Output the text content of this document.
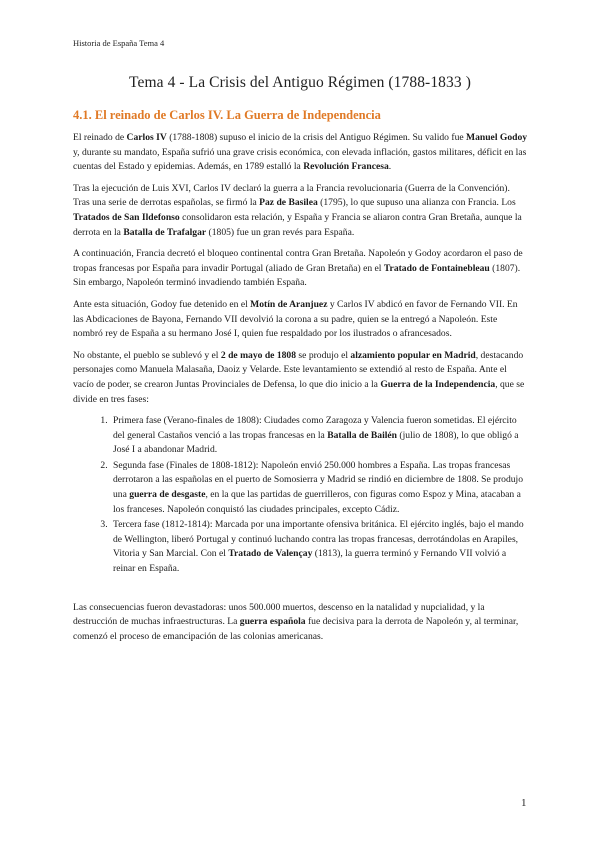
Historia de España Tema 4
Tema 4 - La Crisis del Antiguo Régimen (1788-1833 )
4.1. El reinado de Carlos IV. La Guerra de Independencia

El reinado de Carlos IV (1788-1808) supuso el inicio de la crisis del Antiguo Régimen. Su valido fue Manuel Godoy y, durante su mandato, España sufrió una grave crisis económica, con elevada inflación, gastos militares, déficit en las cuentas del Estado y epidemias. Además, en 1789 estalló la Revolución Francesa.

Tras la ejecución de Luis XVI, Carlos IV declaró la guerra a la Francia revolucionaria (Guerra de la Convención). Tras una serie de derrotas españolas, se firmó la Paz de Basilea (1795), lo que supuso una alianza con Francia. Los Tratados de San Ildefonso consolidaron esta relación, y España y Francia se aliaron contra Gran Bretaña, aunque la derrota en la Batalla de Trafalgar (1805) fue un gran revés para España.

A continuación, Francia decretó el bloqueo continental contra Gran Bretaña. Napoleón y Godoy acordaron el paso de tropas francesas por España para invadir Portugal (aliado de Gran Bretaña) en el Tratado de Fontainebleau (1807). Sin embargo, Napoleón terminó invadiendo también España.

Ante esta situación, Godoy fue detenido en el Motín de Aranjuez y Carlos IV abdicó en favor de Fernando VII. En las Abdicaciones de Bayona, Fernando VII devolvió la corona a su padre, quien se la entregó a Napoleón. Este nombró rey de España a su hermano José I, quien fue respaldado por los ilustrados o afrancesados.

No obstante, el pueblo se sublevó y el 2 de mayo de 1808 se produjo el alzamiento popular en Madrid, destacando personajes como Manuela Malasaña, Daoiz y Velarde. Este levantamiento se extendió al resto de España. Ante el vacío de poder, se crearon Juntas Provinciales de Defensa, lo que dio inicio a la Guerra de la Independencia, que se divide en tres fases:

1. Primera fase (Verano-finales de 1808): Ciudades como Zaragoza y Valencia fueron sometidas. El ejército del general Castaños venció a las tropas francesas en la Batalla de Bailén (julio de 1808), lo que obligó a José I a abandonar Madrid.
2. Segunda fase (Finales de 1808-1812): Napoleón envió 250.000 hombres a España. Las tropas francesas derrotaron a las españolas en el puerto de Somosierra y Madrid se rindió en diciembre de 1808. Se produjo una guerra de desgaste, en la que las partidas de guerrilleros, con figuras como Espoz y Mina, atacaban a los franceses. Napoleón conquistó las ciudades principales, excepto Cádiz.
3. Tercera fase (1812-1814): Marcada por una importante ofensiva británica. El ejército inglés, bajo el mando de Wellington, liberó Portugal y continuó luchando contra las tropas francesas, derrotándolas en Arapiles, Vitoria y San Marcial. Con el Tratado de Valençay (1813), la guerra terminó y Fernando VII volvió a reinar en España.

Las consecuencias fueron devastadoras: unos 500.000 muertos, descenso en la natalidad y nupcialidad, y la destrucción de muchas infraestructuras. La guerra española fue decisiva para la derrota de Napoleón y, al terminar, comenzó el proceso de emancipación de las colonias americanas.

1
